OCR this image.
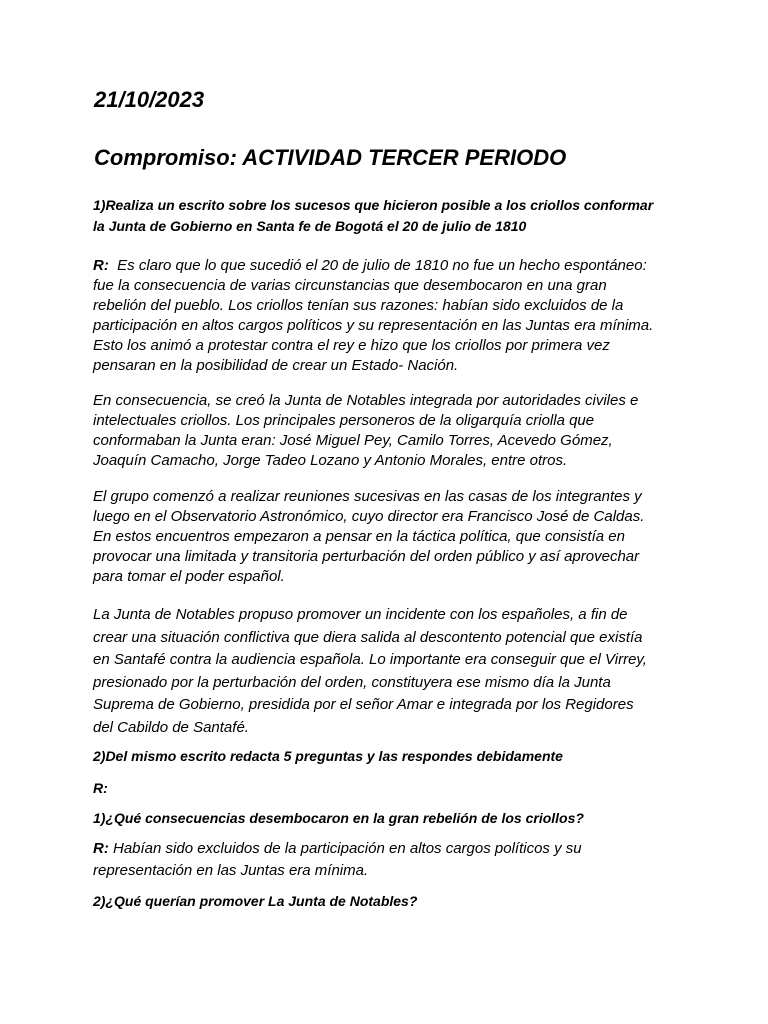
21/10/2023
Compromiso: ACTIVIDAD TERCER PERIODO

1)Realiza un escrito sobre los sucesos que hicieron posible a los criollos conformar
la Junta de Gobierno en Santa fe de Bogotá el 20 de julio de 1810

R:  Es claro que lo que sucedió el 20 de julio de 1810 no fue un hecho espontáneo:
fue la consecuencia de varias circunstancias que desembocaron en una gran
rebelión del pueblo. Los criollos tenían sus razones: habían sido excluidos de la
participación en altos cargos políticos y su representación en las Juntas era mínima.
Esto los animó a protestar contra el rey e hizo que los criollos por primera vez
pensaran en la posibilidad de crear un Estado- Nación.

En consecuencia, se creó la Junta de Notables integrada por autoridades civiles e
intelectuales criollos. Los principales personeros de la oligarquía criolla que
conformaban la Junta eran: José Miguel Pey, Camilo Torres, Acevedo Gómez,
Joaquín Camacho, Jorge Tadeo Lozano y Antonio Morales, entre otros.

El grupo comenzó a realizar reuniones sucesivas en las casas de los integrantes y
luego en el Observatorio Astronómico, cuyo director era Francisco José de Caldas.
En estos encuentros empezaron a pensar en la táctica política, que consistía en
provocar una limitada y transitoria perturbación del orden público y así aprovechar
para tomar el poder español.

La Junta de Notables propuso promover un incidente con los españoles, a fin de
crear una situación conflictiva que diera salida al descontento potencial que existía
en Santafé contra la audiencia española. Lo importante era conseguir que el Virrey,
presionado por la perturbación del orden, constituyera ese mismo día la Junta
Suprema de Gobierno, presidida por el señor Amar e integrada por los Regidores
del Cabildo de Santafé.

2)Del mismo escrito redacta 5 preguntas y las respondes debidamente

R:

1)¿Qué consecuencias desembocaron en la gran rebelión de los criollos?

R: Habían sido excluidos de la participación en altos cargos políticos y su
representación en las Juntas era mínima.

2)¿Qué querían promover La Junta de Notables?
